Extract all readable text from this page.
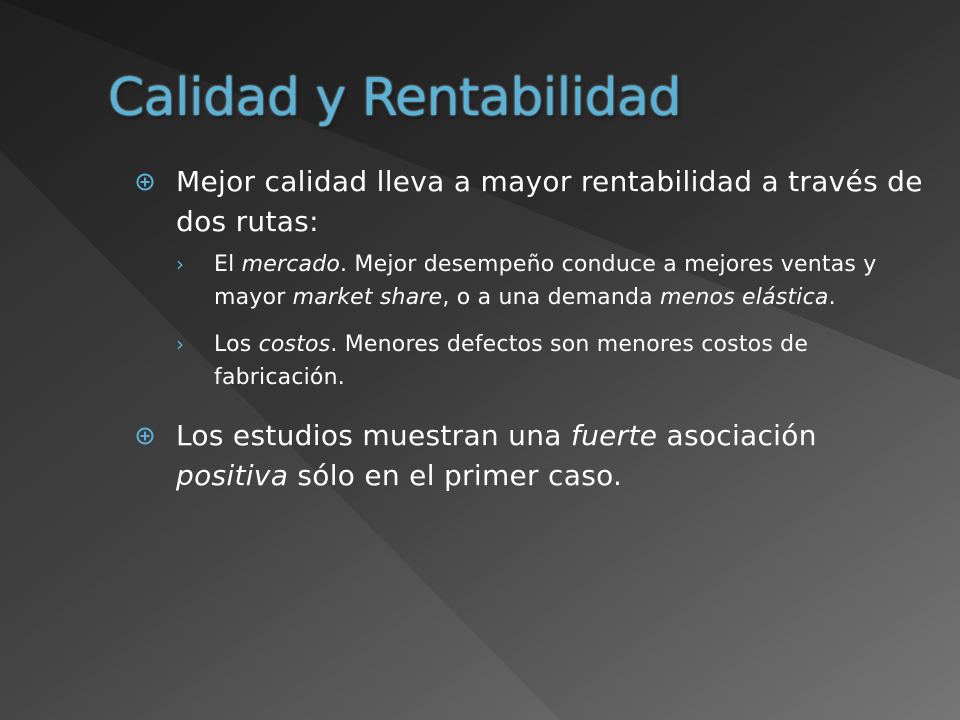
Calidad y Rentabilidad

Mejor calidad lleva a mayor rentabilidad a través de dos rutas:

› El mercado. Mejor desempeño conduce a mejores ventas y mayor market share, o a una demanda menos elástica.

› Los costos. Menores defectos son menores costos de fabricación.

Los estudios muestran una fuerte asociación positiva sólo en el primer caso.
